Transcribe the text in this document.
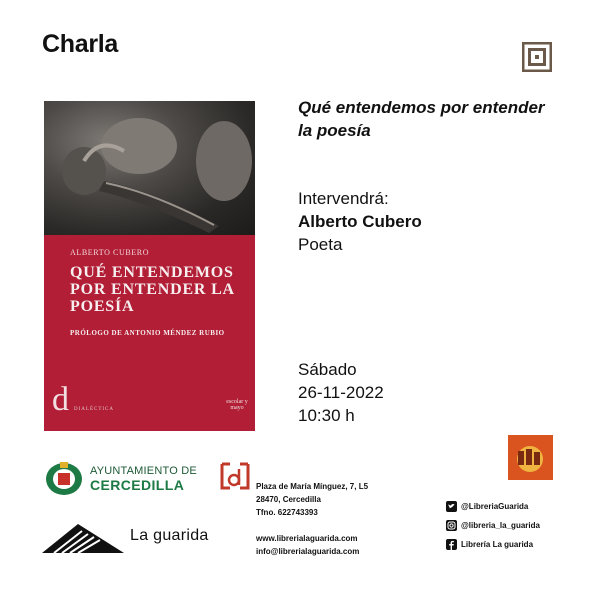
Charla
ALBERTO CUBERO
QUÉ ENTENDEMOS POR ENTENDER LA POESÍA
PRÓLOGO DE ANTONIO MÉNDEZ RUBIO
d DIALÉCTICA
escolar y mayo
Qué entendemos por entender la poesía
Intervendrá:
Alberto Cubero
Poeta
Sábado
26-11-2022
10:30 h
AYUNTAMIENTO DE
CERCEDILLA	Plaza de María Mínguez, 7, L5
28470, Cercedilla
Tfno. 622743393
www.librerialaguarida.com
info@librerialaguarida.com
La guarida
@LibreriaGuarida
@libreria_la_guarida
Librería La guarida
